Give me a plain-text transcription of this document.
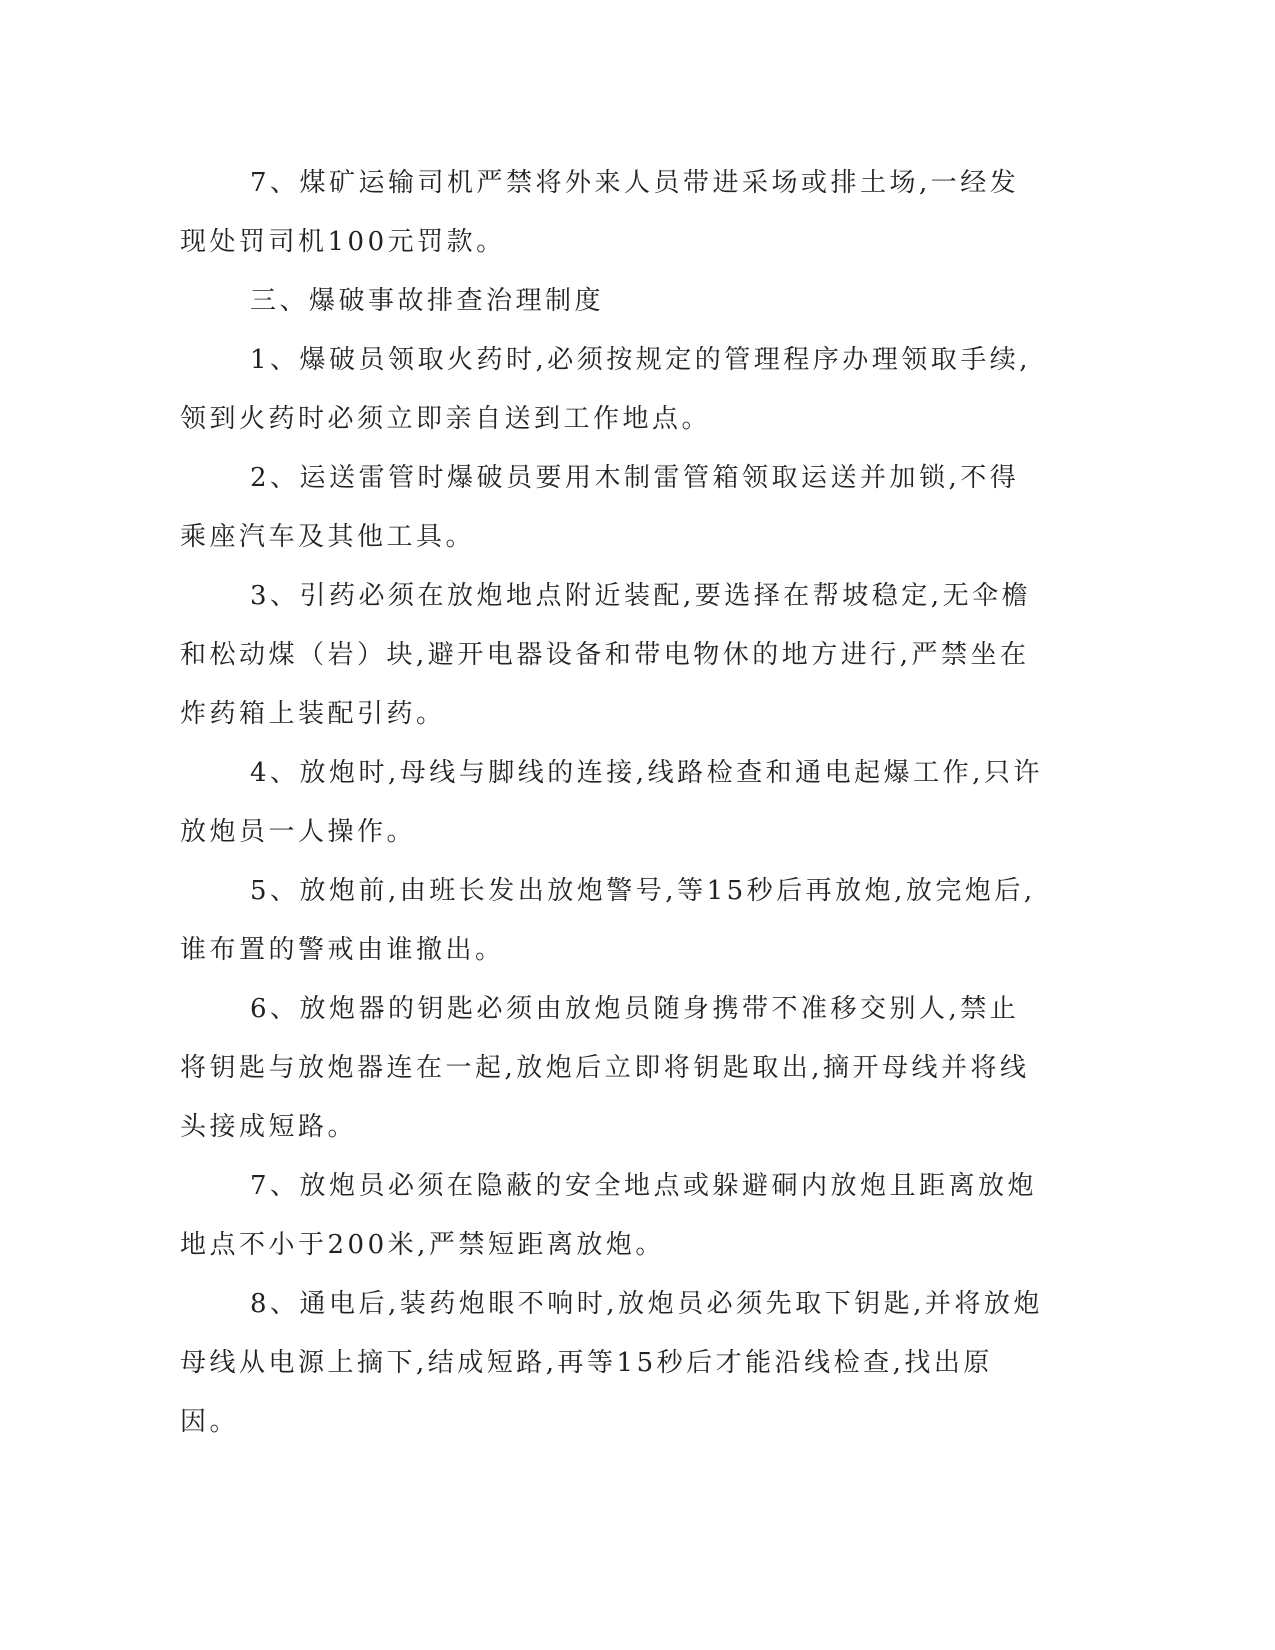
7、煤矿运输司机严禁将外来人员带进采场或排土场,一经发现处罚司机100元罚款。

三、爆破事故排查治理制度

1、爆破员领取火药时,必须按规定的管理程序办理领取手续,领到火药时必须立即亲自送到工作地点。

2、运送雷管时爆破员要用木制雷管箱领取运送并加锁,不得乘座汽车及其他工具。

3、引药必须在放炮地点附近装配,要选择在帮坡稳定,无伞檐和松动煤（岩）块,避开电器设备和带电物休的地方进行,严禁坐在炸药箱上装配引药。

4、放炮时,母线与脚线的连接,线路检查和通电起爆工作,只许放炮员一人操作。

5、放炮前,由班长发出放炮警号,等15秒后再放炮,放完炮后,谁布置的警戒由谁撤出。

6、放炮器的钥匙必须由放炮员随身携带不准移交别人,禁止将钥匙与放炮器连在一起,放炮后立即将钥匙取出,摘开母线并将线头接成短路。

7、放炮员必须在隐蔽的安全地点或躲避硐内放炮且距离放炮地点不小于200米,严禁短距离放炮。

8、通电后,装药炮眼不响时,放炮员必须先取下钥匙,并将放炮母线从电源上摘下,结成短路,再等15秒后才能沿线检查,找出原因。
